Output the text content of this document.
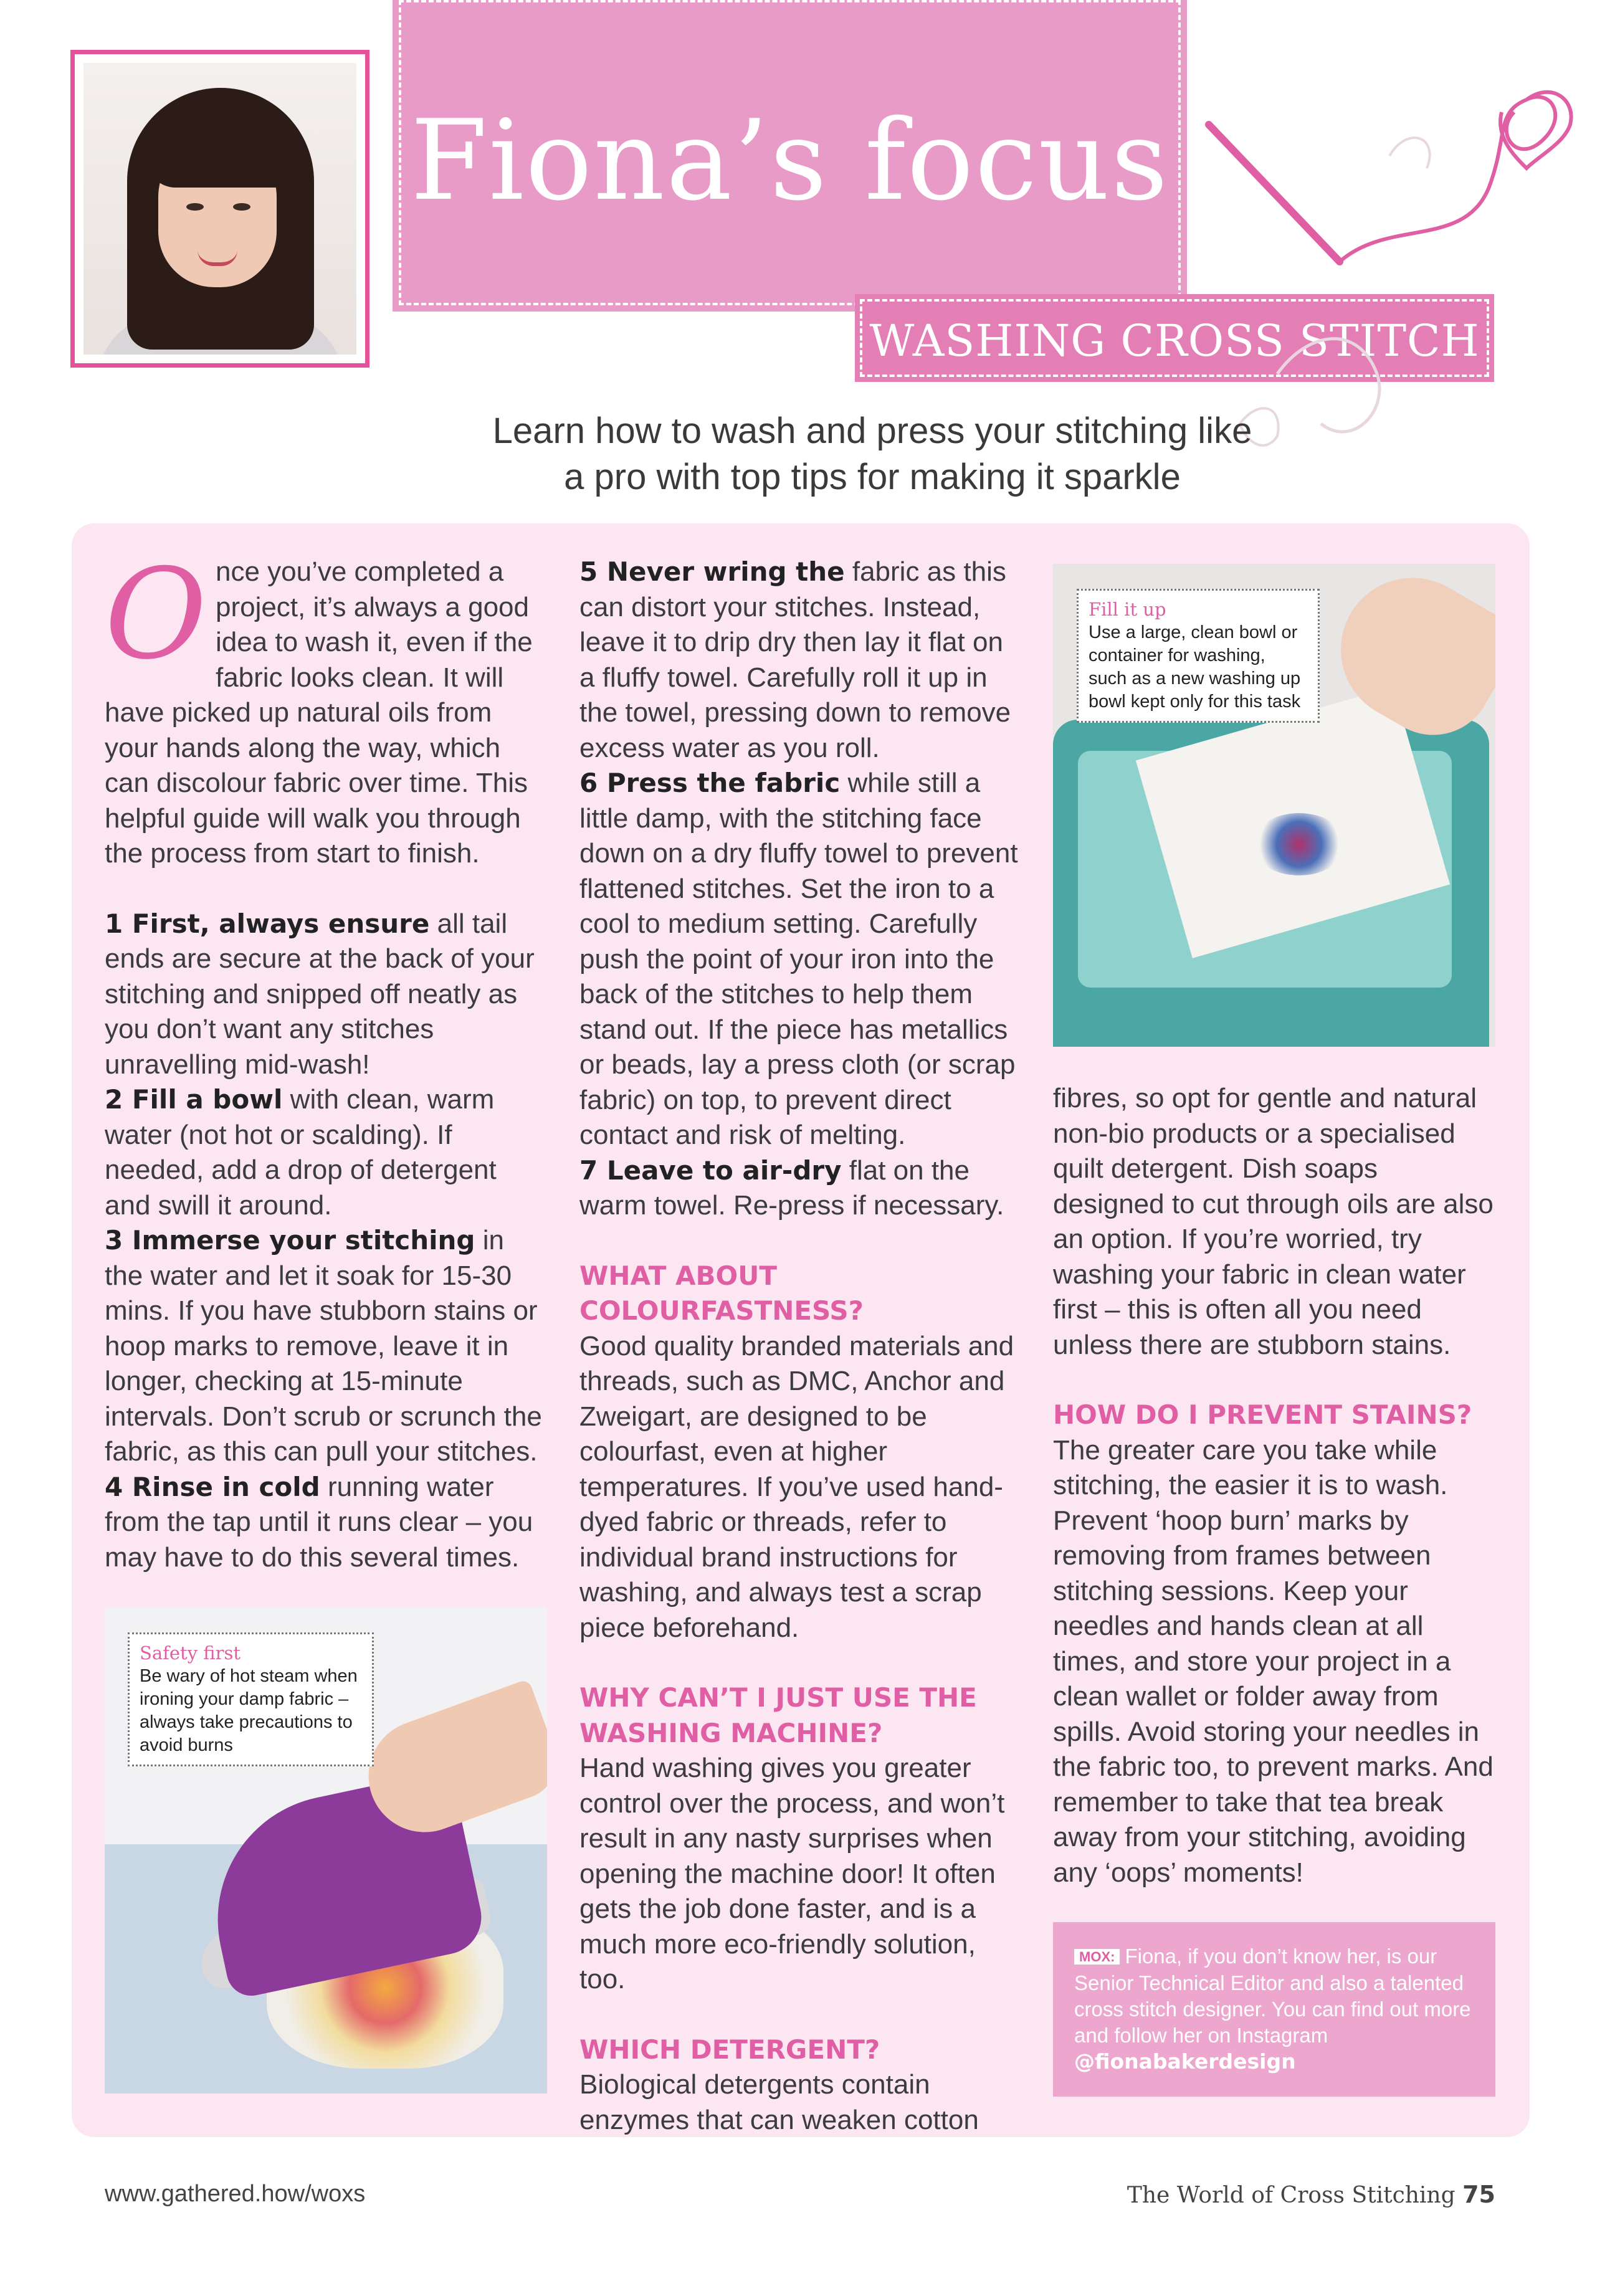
Fiona’s focus
WASHING CROSS STITCH
Learn how to wash and press your stitching like
a pro with top tips for making it sparkle

Once you’ve completed a project, it’s always a good idea to wash it, even if the fabric looks clean. It will have picked up natural oils from your hands along the way, which can discolour fabric over time. This helpful guide will walk you through the process from start to finish.

1 First, always ensure all tail ends are secure at the back of your stitching and snipped off neatly as you don’t want any stitches unravelling mid-wash!

2 Fill a bowl with clean, warm water (not hot or scalding). If needed, add a drop of detergent and swill it around.

3 Immerse your stitching in the water and let it soak for 15-30 mins. If you have stubborn stains or hoop marks to remove, leave it in longer, checking at 15-minute intervals. Don’t scrub or scrunch the fabric, as this can pull your stitches.

4 Rinse in cold running water from the tap until it runs clear – you may have to do this several times.

Safety first
Be wary of hot steam when ironing your damp fabric – always take precautions to avoid burns

5 Never wring the fabric as this can distort your stitches. Instead, leave it to drip dry then lay it flat on a fluffy towel. Carefully roll it up in the towel, pressing down to remove excess water as you roll.

6 Press the fabric while still a little damp, with the stitching face down on a dry fluffy towel to prevent flattened stitches. Set the iron to a cool to medium setting. Carefully push the point of your iron into the back of the stitches to help them stand out. If the piece has metallics or beads, lay a press cloth (or scrap fabric) on top, to prevent direct contact and risk of melting.

7 Leave to air-dry flat on the warm towel. Re-press if necessary.

WHAT ABOUT COLOURFASTNESS?

Good quality branded materials and threads, such as DMC, Anchor and Zweigart, are designed to be colourfast, even at higher temperatures. If you’ve used hand-dyed fabric or threads, refer to individual brand instructions for washing, and always test a scrap piece beforehand.

WHY CAN’T I JUST USE THE WASHING MACHINE?

Hand washing gives you greater control over the process, and won’t result in any nasty surprises when opening the machine door! It often gets the job done faster, and is a much more eco-friendly solution, too.

WHICH DETERGENT?

Biological detergents contain enzymes that can weaken cotton

Fill it up
Use a large, clean bowl or container for washing, such as a new washing up bowl kept only for this task

fibres, so opt for gentle and natural non-bio products or a specialised quilt detergent. Dish soaps designed to cut through oils are also an option. If you’re worried, try washing your fabric in clean water first – this is often all you need unless there are stubborn stains.

HOW DO I PREVENT STAINS?

The greater care you take while stitching, the easier it is to wash. Prevent ‘hoop burn’ marks by removing from frames between stitching sessions. Keep your needles and hands clean at all times, and store your project in a clean wallet or folder away from spills. Avoid storing your needles in the fabric too, to prevent marks. And remember to take that tea break away from your stitching, avoiding any ‘oops’ moments!

MOX: Fiona, if you don’t know her, is our Senior Technical Editor and also a talented cross stitch designer. You can find out more and follow her on Instagram @fionabakerdesign
www.gathered.how/woxs	The World of Cross Stitching 75
